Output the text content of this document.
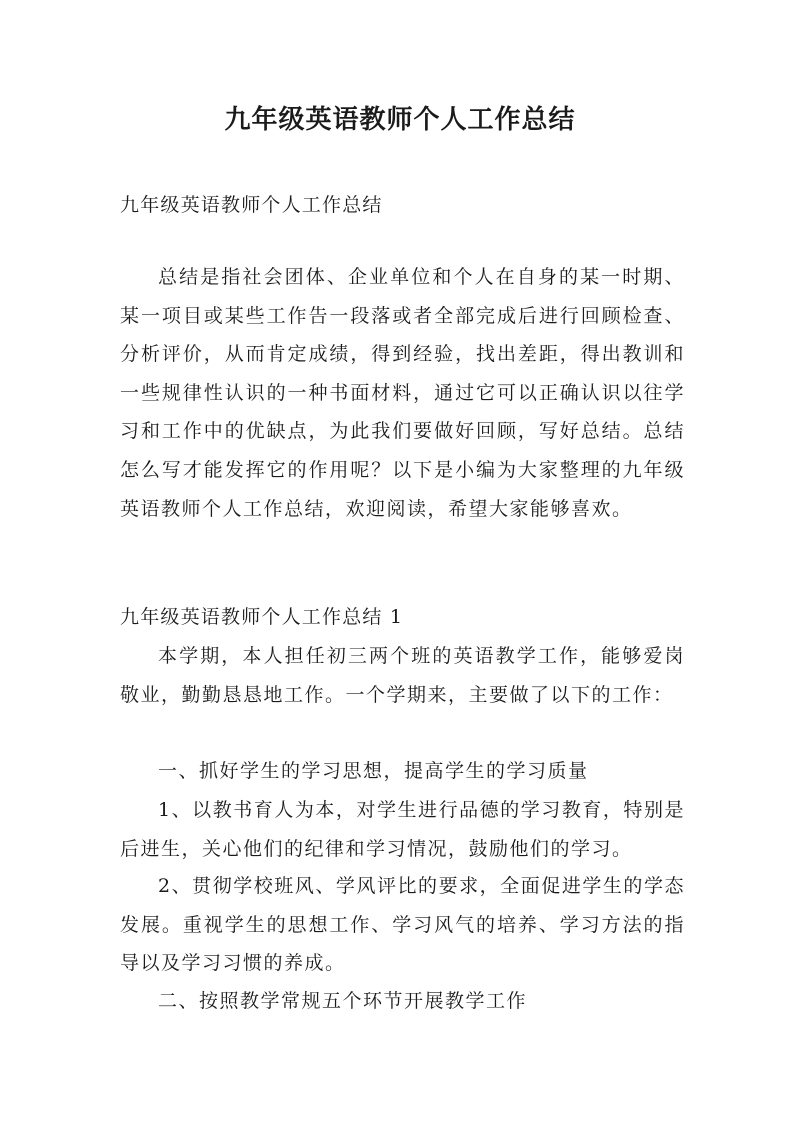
九年级英语教师个人工作总结
九年级英语教师个人工作总结

总结是指社会团体、企业单位和个人在自身的某一时期、某一项目或某些工作告一段落或者全部完成后进行回顾检查、分析评价，从而肯定成绩，得到经验，找出差距，得出教训和一些规律性认识的一种书面材料，通过它可以正确认识以往学习和工作中的优缺点，为此我们要做好回顾，写好总结。总结怎么写才能发挥它的作用呢？以下是小编为大家整理的九年级英语教师个人工作总结，欢迎阅读，希望大家能够喜欢。

九年级英语教师个人工作总结 1

本学期，本人担任初三两个班的英语教学工作，能够爱岗敬业，勤勤恳恳地工作。一个学期来，主要做了以下的工作：

一、抓好学生的学习思想，提高学生的学习质量

1、以教书育人为本，对学生进行品德的学习教育，特别是后进生，关心他们的纪律和学习情况，鼓励他们的学习。

2、贯彻学校班风、学风评比的要求，全面促进学生的学态发展。重视学生的思想工作、学习风气的培养、学习方法的指导以及学习习惯的养成。

二、按照教学常规五个环节开展教学工作
